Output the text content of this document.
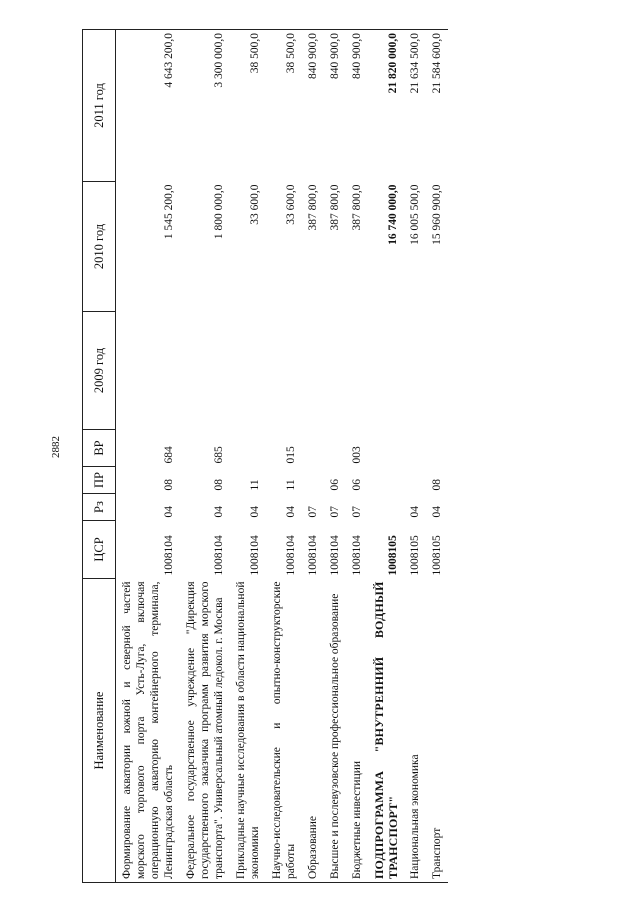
2882
Наименование	ЦСР	Рз	ПР	ВР	2009 год	2010 год	2011 год
Формирование акватории южной и северной частей морского торгового порта Усть-Луга, включая операционную акваторию контейнерного терминала, Ленинградская область	1008104	04	08	684		1 545 200,0	4 643 200,0
Федеральное государственное учреждение "Дирекция государственного заказчика программ развития морского транспорта". Универсальный атомный ледокол. г. Москва	1008104	04	08	685		1 800 000,0	3 300 000,0
Прикладные научные исследования в области национальной экономики	1008104	04	11			33 600,0	38 500,0
Научно-исследовательские и опытно-конструкторские работы	1008104	04	11	015		33 600,0	38 500,0
Образование	1008104	07				387 800,0	840 900,0
Высшее и послевузовское профессиональное образование	1008104	07	06			387 800,0	840 900,0
Бюджетные инвестиции	1008104	07	06	003		387 800,0	840 900,0
ПОДПРОГРАММА "ВНУТРЕННИЙ ВОДНЫЙ ТРАНСПОРТ"	1008105					16 740 000,0	21 820 000,0
Национальная экономика	1008105	04				16 005 500,0	21 634 500,0
Транспорт	1008105	04	08			15 960 900,0	21 584 600,0
